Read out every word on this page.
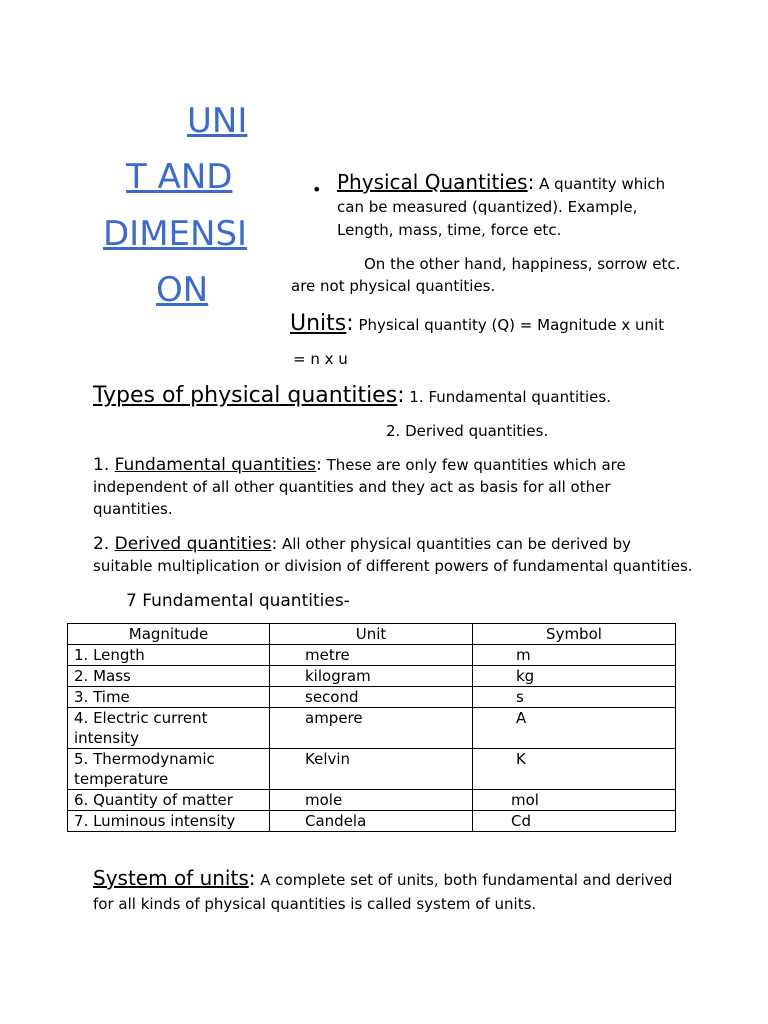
UNI
T AND
DIMENSI
ON
• Physical Quantities: A quantity which can be measured (quantized). Example, Length, mass, time, force etc.
On the other hand, happiness, sorrow etc.
are not physical quantities.
Units: Physical quantity (Q) = Magnitude x unit
= n x u
Types of physical quantities: 1. Fundamental quantities.
2. Derived quantities.
1. Fundamental quantities: These are only few quantities which are independent of all other quantities and they act as basis for all other quantities.
2. Derived quantities: All other physical quantities can be derived by suitable multiplication or division of different powers of fundamental quantities.
7 Fundamental quantities-
Magnitude	Unit	Symbol
1. Length	metre	m
2. Mass	kilogram	kg
3. Time	second	s
4. Electric current intensity	ampere	A
5. Thermodynamic temperature	Kelvin	K
6. Quantity of matter	mole	mol
7. Luminous intensity	Candela	Cd
System of units: A complete set of units, both fundamental and derived for all kinds of physical quantities is called system of units.
